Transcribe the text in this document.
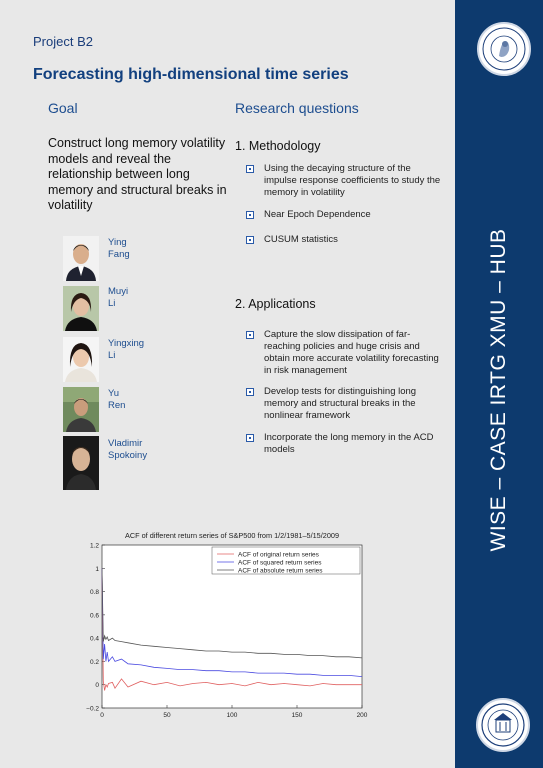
WISE – CASE IRTG XMU – HUB
Project B2
Forecasting high-dimensional time series
Goal	Research questions
Construct long memory volatility models and reveal the relationship between long memory and structural breaks in volatility
1. Methodology
Using the decaying structure of the impulse response coefficients to study the memory in volatility
Near Epoch Dependence
CUSUM statistics
2. Applications
Capture the slow dissipation of far-reaching policies and huge crisis and obtain more accurate volatility forecasting in risk management
Develop tests for distinguishing long memory and structural breaks in the nonlinear framework
Incorporate the long memory in the ACD models
Ying
Fang
Muyi
Li
Yingxing
Li
Yu
Ren
Vladimir
Spokoiny
ACF of different return series of S&P500 from 1/2/1981–5/15/2009
−0.2
0
0.2
0.4
0.6
0.8
1
1.2
0	50	100	150	200
ACF of original return series
ACF of squared return series
ACF of absolute return series
